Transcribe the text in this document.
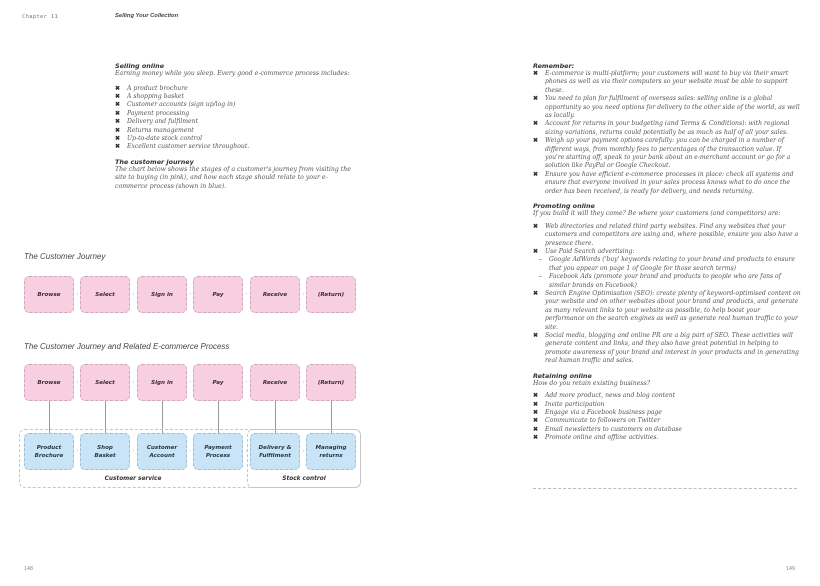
Chapter 11	Selling Your Collection
Selling online
Earning money while you sleep. Every good e-commerce process includes:
✖ A product brochure
✖ A shopping basket
✖ Customer accounts (sign up/log in)
✖ Payment processing
✖ Delivery and fulfilment
✖ Returns management
✖ Up-to-date stock control
✖ Excellent customer service throughout.
The customer journey
The chart below shows the stages of a customer's journey from visiting the site to buying (in pink), and how each stage should relate to your e-commerce process (shown in blue).
The Customer Journey
Browse	›	Select	›	Sign in	›	Pay	›	Receive	›	(Return)
The Customer Journey and Related E-commerce Process
Browse	›	Select	›	Sign in	›	Pay	›	Receive	›	(Return)
Customer service	Stock control
Product
Brochure
›	Shop
Basket
› Customer
Account
› Payment
Process
› Delivery &
Fulfilment
› Managing
returns
Remember:
✖ E-commerce is multi-platform; your customers will want to buy via their smart phones as well as via their computers so your website must be able to support these.
✖ You need to plan for fulfilment of overseas sales: selling online is a global opportunity so you need options for delivery to the other side of the world, as well as locally.
✖ Account for returns in your budgeting (and Terms & Conditions): with regional sizing variations, returns could potentially be as much as half of all your sales.
✖ Weigh up your payment options carefully: you can be charged in a number of different ways, from monthly fees to percentages of the transaction value. If you're starting off, speak to your bank about an e-merchant account or go for a solution like PayPal or Google Checkout.
✖ Ensure you have efficient e-commerce processes in place: check all systems and ensure that everyone involved in your sales process knows what to do once the order has been received, is ready for delivery, and needs returning.
Promoting online
If you build it will they come? Be where your customers (and competitors) are:
✖ Web directories and related third party websites. Find any websites that your customers and competitors are using and, where possible, ensure you also have a presence there.
✖ Use Paid Search advertising:
– Google AdWords ('buy' keywords relating to your brand and products to ensure that you appear on page 1 of Google for those search terms)
– Facebook Ads (promote your brand and products to people who are fans of similar brands on Facebook)
✖ Search Engine Optimisation (SEO): create plenty of keyword-optimised content on your website and on other websites about your brand and products, and generate as many relevant links to your website as possible, to help boost your performance on the search engines as well as generate real human traffic to your site.
✖ Social media, blogging and online PR are a big part of SEO. These activities will generate content and links, and they also have great potential in helping to promote awareness of your brand and interest in your products and in generating real human traffic and sales.
Retaining online
How do you retain existing business?
✖ Add more product, news and blog content
✖ Invite participation
✖ Engage via a Facebook business page
✖ Communicate to followers on Twitter
✖ Email newsletters to customers on database
✖ Promote online and offline activities.
148	149
